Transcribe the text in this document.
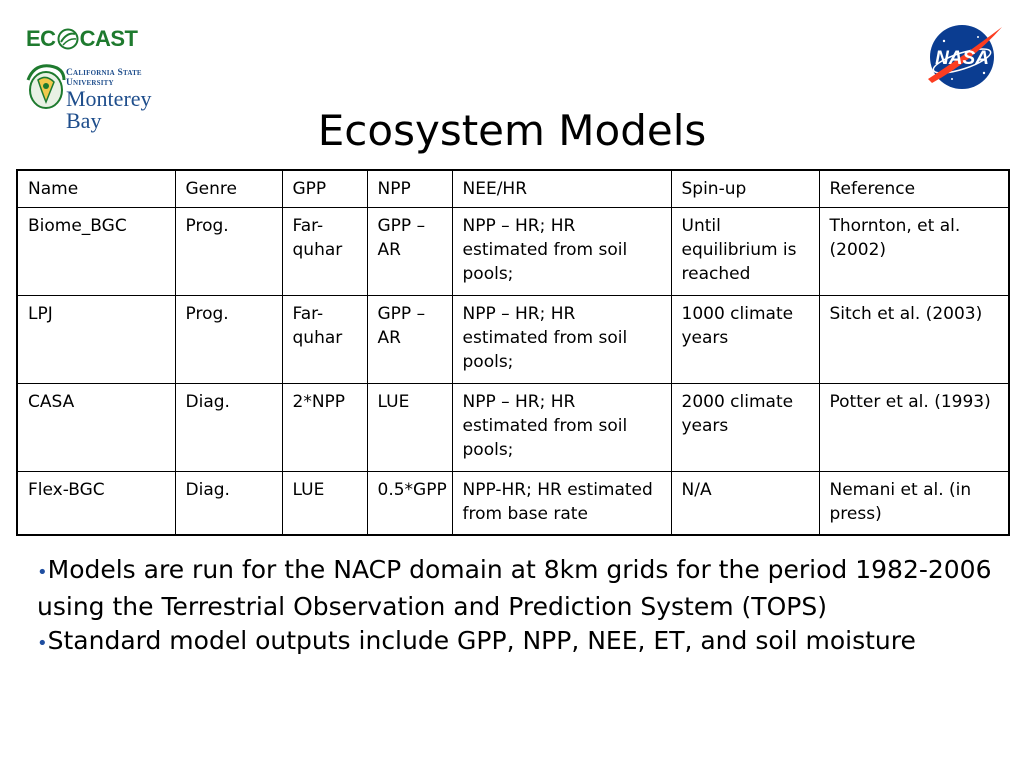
EC CAST
California State University
Monterey Bay
NASA
Ecosystem Models
Name	Genre	GPP	NPP	NEE/HR	Spin-up	Reference
Biome_BGC	Prog.	Far-quhar	GPP – AR	NPP – HR; HR estimated from soil pools;	Until equilibrium is reached	Thornton, et al. (2002)
LPJ	Prog.	Far-quhar	GPP – AR	NPP – HR; HR estimated from soil pools;	1000 climate years	Sitch et al. (2003)
CASA	Diag.	2*NPP	LUE	NPP – HR; HR estimated from soil pools;	2000 climate years	Potter et al. (1993)
Flex-BGC	Diag.	LUE	0.5*GPP	NPP-HR; HR estimated from base rate	N/A	Nemani et al. (in press)

•Models are run for the NACP domain at 8km grids for the period 1982-2006 using the Terrestrial Observation and Prediction System (TOPS)

•Standard model outputs include GPP, NPP, NEE, ET, and soil moisture
